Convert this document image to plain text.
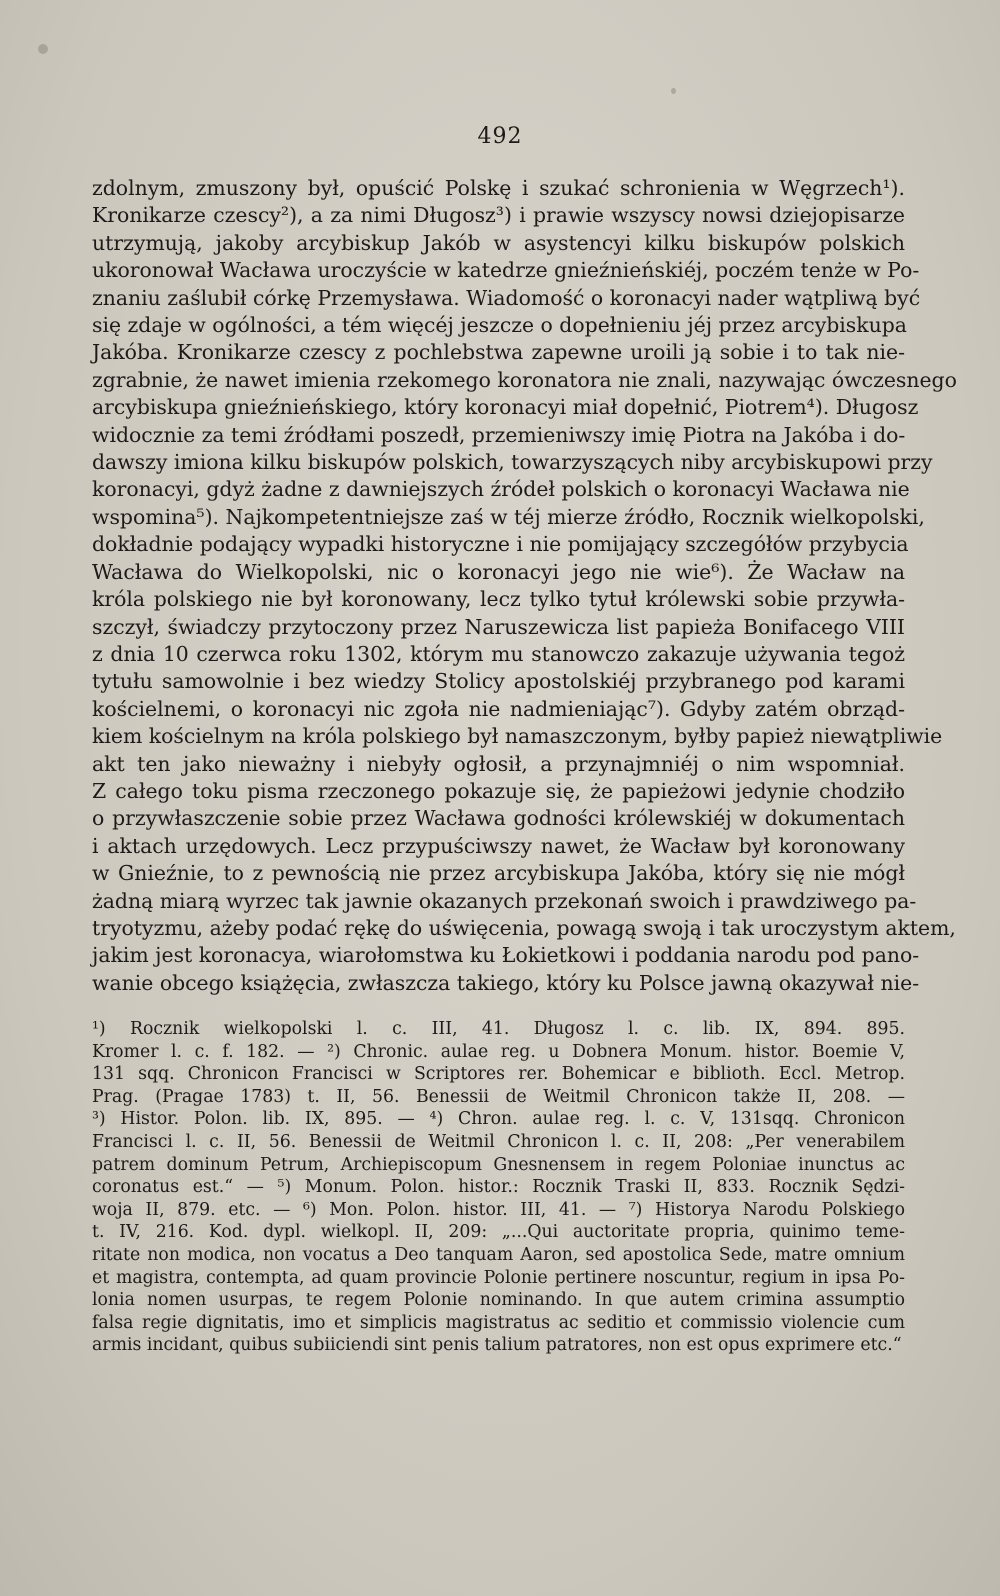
492
zdolnym, zmuszony był, opuścić Polskę i szukać schronienia w Węgrzech¹).
Kronikarze czescy²), a za nimi Długosz³) i prawie wszyscy nowsi dziejopisarze
utrzymują, jakoby arcybiskup Jakób w asystencyi kilku biskupów polskich
ukoronował Wacława uroczyście w katedrze gnieźnieńskiéj, poczém tenże w Po-
znaniu zaślubił córkę Przemysława. Wiadomość o koronacyi nader wątpliwą być
się zdaje w ogólności, a tém więcéj jeszcze o dopełnieniu jéj przez arcybiskupa
Jakóba. Kronikarze czescy z pochlebstwa zapewne uroili ją sobie i to tak nie-
zgrabnie, że nawet imienia rzekomego koronatora nie znali, nazywając ówczesnego
arcybiskupa gnieźnieńskiego, który koronacyi miał dopełnić, Piotrem⁴). Długosz
widocznie za temi źródłami poszedł, przemieniwszy imię Piotra na Jakóba i do-
dawszy imiona kilku biskupów polskich, towarzyszących niby arcybiskupowi przy
koronacyi, gdyż żadne z dawniejszych źródeł polskich o koronacyi Wacława nie
wspomina⁵). Najkompetentniejsze zaś w téj mierze źródło, Rocznik wielkopolski,
dokładnie podający wypadki historyczne i nie pomijający szczegółów przybycia
Wacława do Wielkopolski, nic o koronacyi jego nie wie⁶). Że Wacław na
króla polskiego nie był koronowany, lecz tylko tytuł królewski sobie przywła-
szczył, świadczy przytoczony przez Naruszewicza list papieża Bonifacego VIII
z dnia 10 czerwca roku 1302, którym mu stanowczo zakazuje używania tegoż
tytułu samowolnie i bez wiedzy Stolicy apostolskiéj przybranego pod karami
kościelnemi, o koronacyi nic zgoła nie nadmieniając⁷). Gdyby zatém obrząd-
kiem kościelnym na króla polskiego był namaszczonym, byłby papież niewątpliwie
akt ten jako nieważny i niebyły ogłosił, a przynajmniéj o nim wspomniał.
Z całego toku pisma rzeczonego pokazuje się, że papieżowi jedynie chodziło
o przywłaszczenie sobie przez Wacława godności królewskiéj w dokumentach
i aktach urzędowych. Lecz przypuściwszy nawet, że Wacław był koronowany
w Gnieźnie, to z pewnością nie przez arcybiskupa Jakóba, który się nie mógł
żadną miarą wyrzec tak jawnie okazanych przekonań swoich i prawdziwego pa-
tryotyzmu, ażeby podać rękę do uświęcenia, powagą swoją i tak uroczystym aktem,
jakim jest koronacya, wiarołomstwa ku Łokietkowi i poddania narodu pod pano-
wanie obcego książęcia, zwłaszcza takiego, który ku Polsce jawną okazywał nie-
¹) Rocznik wielkopolski l. c. III, 41. Długosz l. c. lib. IX, 894. 895.
Kromer l. c. f. 182. — ²) Chronic. aulae reg. u Dobnera Monum. histor. Boemie V,
131 sqq. Chronicon Francisci w Scriptores rer. Bohemicar e biblioth. Eccl. Metrop.
Prag. (Pragae 1783) t. II, 56. Benessii de Weitmil Chronicon także II, 208. —
³) Histor. Polon. lib. IX, 895. — ⁴) Chron. aulae reg. l. c. V, 131sqq. Chronicon
Francisci l. c. II, 56. Benessii de Weitmil Chronicon l. c. II, 208: „Per venerabilem
patrem dominum Petrum, Archiepiscopum Gnesnensem in regem Poloniae inunctus ac
coronatus est.“ — ⁵) Monum. Polon. histor.: Rocznik Traski II, 833. Rocznik Sędzi-
woja II, 879. etc. — ⁶) Mon. Polon. histor. III, 41. — ⁷) Historya Narodu Polskiego
t. IV, 216. Kod. dypl. wielkopl. II, 209: „...Qui auctoritate propria, quinimo teme-
ritate non modica, non vocatus a Deo tanquam Aaron, sed apostolica Sede, matre omnium
et magistra, contempta, ad quam provincie Polonie pertinere noscuntur, regium in ipsa Po-
lonia nomen usurpas, te regem Polonie nominando. In que autem crimina assumptio
falsa regie dignitatis, imo et simplicis magistratus ac seditio et commissio violencie cum
armis incidant, quibus subiiciendi sint penis talium patratores, non est opus exprimere etc.“
